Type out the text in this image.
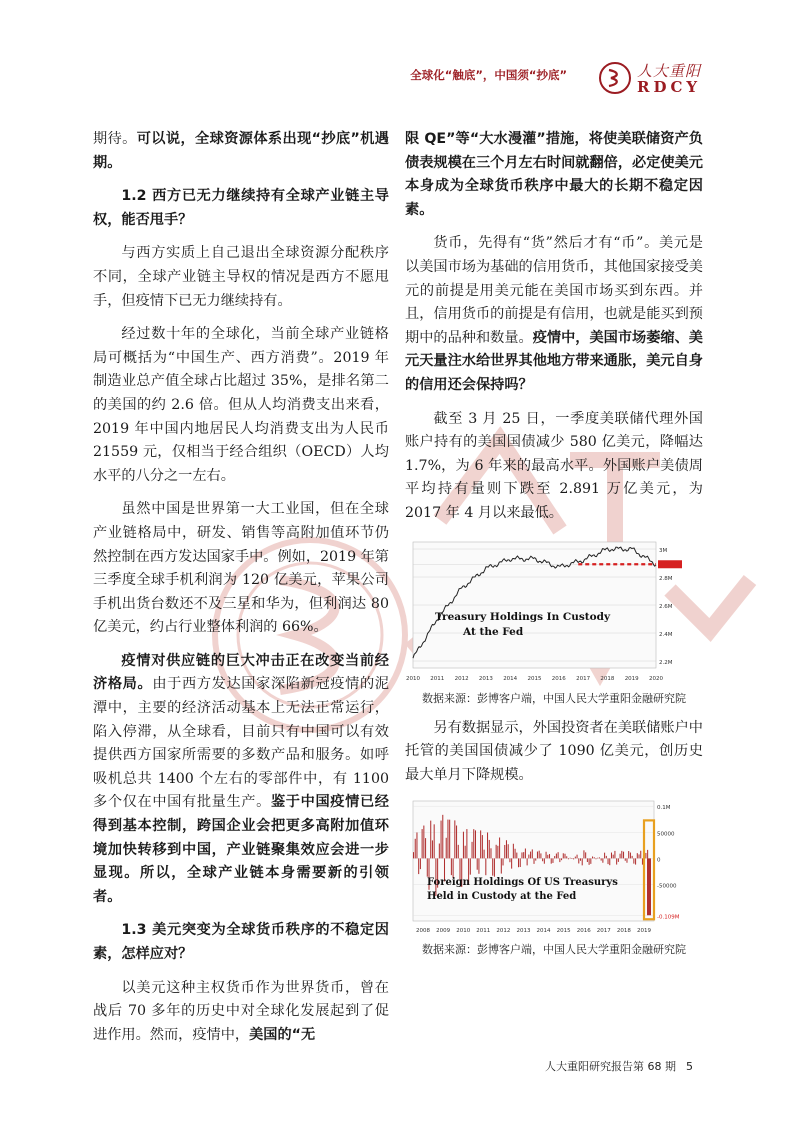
全球化“触底”，中国须“抄底”	人大重阳
RDCY

期待。可以说，全球资源体系出现“抄底”机遇期。

1.2 西方已无力继续持有全球产业链主导权，能否甩手？

与西方实质上自己退出全球资源分配秩序不同，全球产业链主导权的情况是西方不愿甩手，但疫情下已无力继续持有。

经过数十年的全球化，当前全球产业链格局可概括为“中国生产、西方消费”。2019 年制造业总产值全球占比超过 35%，是排名第二的美国的约 2.6 倍。但从人均消费支出来看，2019 年中国内地居民人均消费支出为人民币 21559 元，仅相当于经合组织（OECD）人均水平的八分之一左右。

虽然中国是世界第一大工业国，但在全球产业链格局中，研发、销售等高附加值环节仍然控制在西方发达国家手中。例如，2019 年第三季度全球手机利润为 120 亿美元，苹果公司手机出货台数还不及三星和华为，但利润达 80 亿美元，约占行业整体利润的 66%。

疫情对供应链的巨大冲击正在改变当前经济格局。由于西方发达国家深陷新冠疫情的泥潭中，主要的经济活动基本上无法正常运行，陷入停滞，从全球看，目前只有中国可以有效提供西方国家所需要的多数产品和服务。如呼吸机总共 1400 个左右的零部件中，有 1100 多个仅在中国有批量生产。鉴于中国疫情已经得到基本控制，跨国企业会把更多高附加值环境加快转移到中国，产业链聚集效应会进一步显现。所以，全球产业链本身需要新的引领者。

1.3 美元突变为全球货币秩序的不稳定因素，怎样应对？

以美元这种主权货币作为世界货币，曾在战后 70 多年的历史中对全球化发展起到了促进作用。然而，疫情中，美国的“无

限 QE”等“大水漫灌”措施，将使美联储资产负债表规模在三个月左右时间就翻倍，必定使美元本身成为全球货币秩序中最大的长期不稳定因素。

货币，先得有“货”然后才有“币”。美元是以美国市场为基础的信用货币，其他国家接受美元的前提是用美元能在美国市场买到东西。并且，信用货币的前提是有信用，也就是能买到预期中的品种和数量。疫情中，美国市场萎缩、美元天量注水给世界其他地方带来通胀，美元自身的信用还会保持吗？

截至 3 月 25 日，一季度美联储代理外国账户持有的美国国债减少 580 亿美元，降幅达 1.7%，为 6 年来的最高水平。外国账户美债周平均持有量则下跌至 2.891 万亿美元，为 2017 年 4 月以来最低。

3M
2.8M
2.6M
2.4M
2.2M
2010 2011 2012 2013 2014 2015 2016 2017 2018 2019 2020
Treasury Holdings In Custody
At the Fed

数据来源：彭博客户端，中国人民大学重阳金融研究院

另有数据显示，外国投资者在美联储账户中托管的美国国债减少了 1090 亿美元，创历史最大单月下降规模。

0.1M
50000
0
-50000
-0.109M
2008 2009 2010 2011 2012 2013 2014 2015 2016 2017 2018 2019
Foreign Holdings Of US Treasurys
Held in Custody at the Fed

数据来源：彭博客户端，中国人民大学重阳金融研究院

人大重阳研究报告第 68 期 5
